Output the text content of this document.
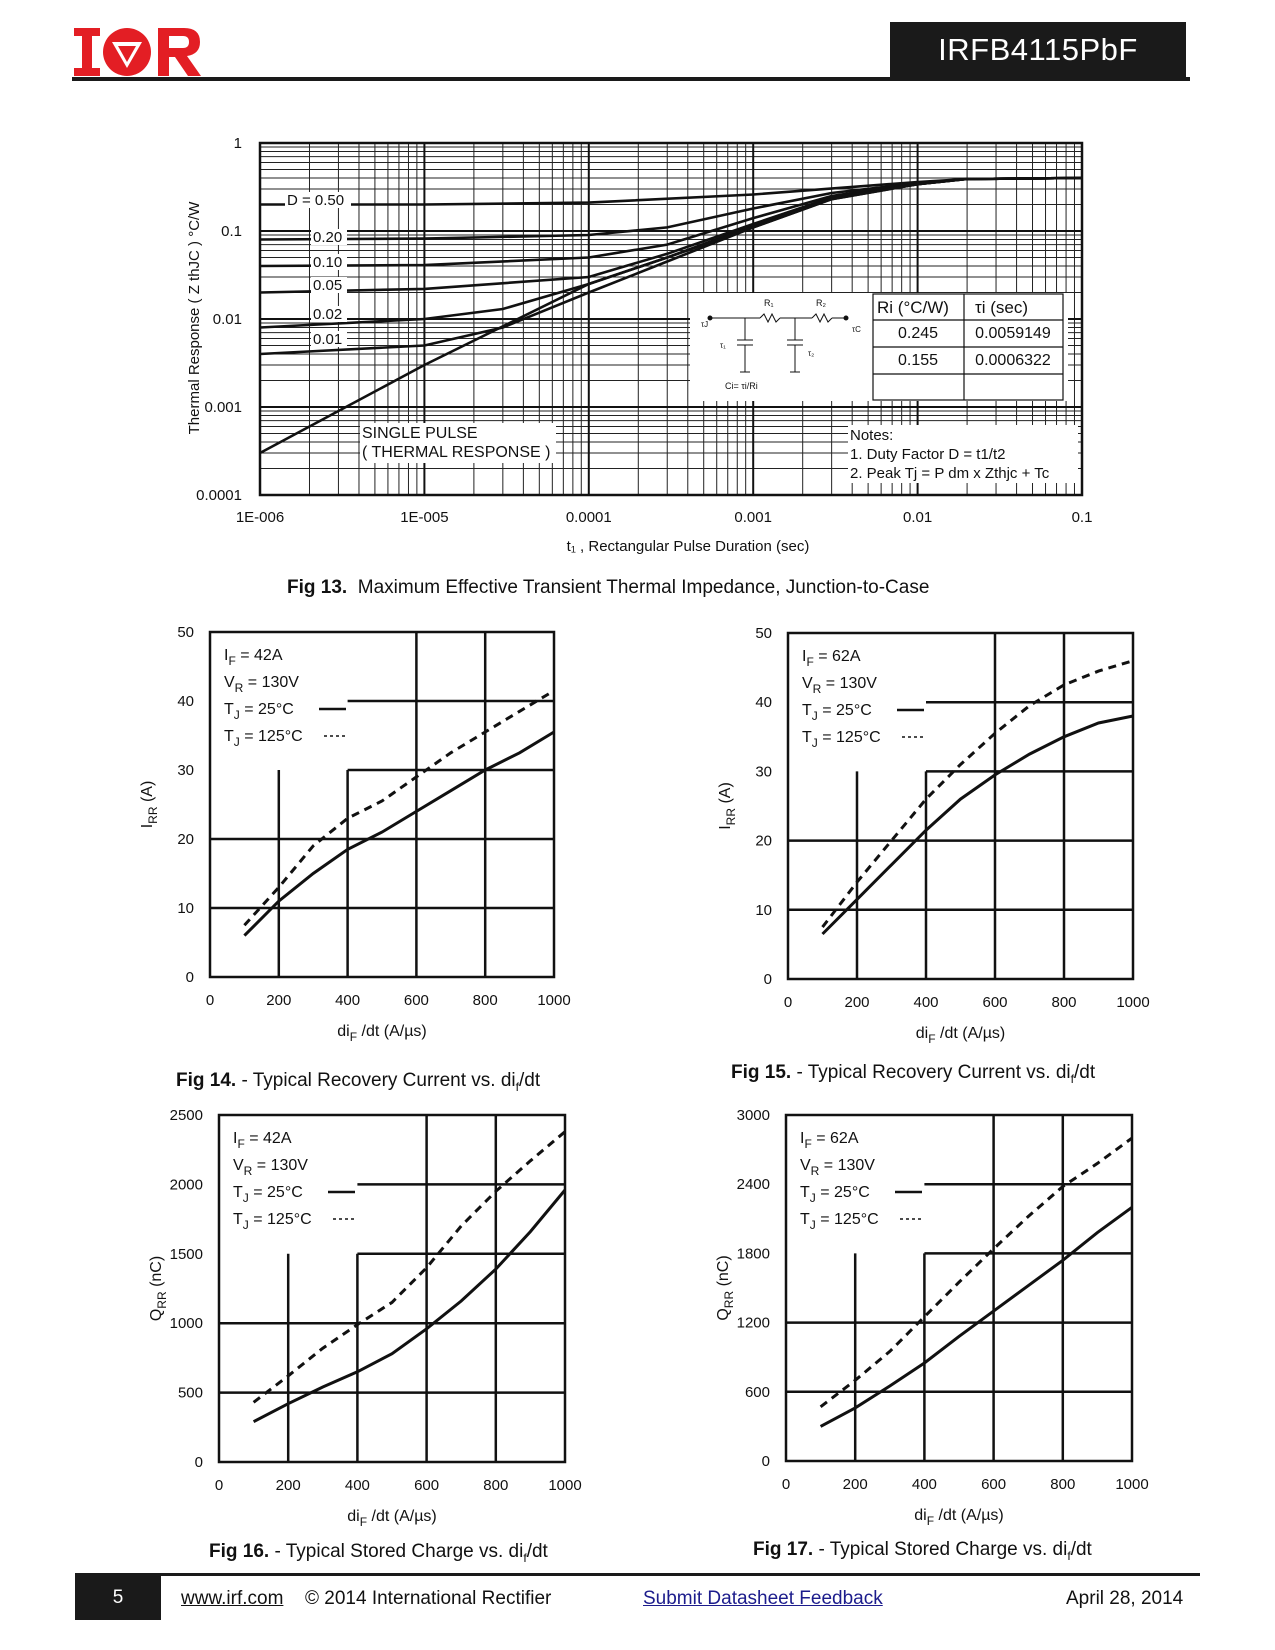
IRFB4115PbF
D = 0.50
0.20
0.10
0.05
0.02
0.01
SINGLE PULSE
( THERMAL RESPONSE )
Notes:
1. Duty Factor D = t1/t2
2. Peak Tj = P dm x Zthjc + Tc
R₁	R₂
τJ
τC
τ₁
τ₂
Ci= τi/Ri
Ri (°C/W) τi (sec)
0.245 0.0059149
0.155 0.0006322
1
0.1
0.01
0.001
0.0001
1E-006	1E-005	0.0001	0.001	0.01	0.1
Thermal Response ( Z thJC ) °C/W
t₁ , Rectangular Pulse Duration (sec)
$I_F = 42A$
$V_R = 130V$
$T_J = 25^\circ C$
$T_J = 125^\circ C$
0	200	400	600	800	1000
0
10
20
30
40
50
$di_F$ /dt (A/µs)
$I_{RR}$ (A)
$I_F = 62A$
$V_R = 130V$
$T_J = 25^\circ C$
$T_J = 125^\circ C$
0	200	400	600	800	1000
0
10
20
30
40
50
$di_F$ /dt (A/µs)
$I_{RR}$ (A)
$I_F = 42A$
$V_R = 130V$
$T_J = 25^\circ C$
$T_J = 125^\circ C$
0	200	400	600	800	1000
0
500
1000
1500
2000
2500
$di_F$ /dt (A/µs)
$Q_{RR}$ (nC)
$I_F = 62A$
$V_R = 130V$
$T_J = 25^\circ C$
$T_J = 125^\circ C$
0	200	400	600	800	1000
0
600
1200
1800
2400
3000
$di_F$ /dt (A/µs)
$Q_{RR}$ (nC)
Fig 13. Maximum Effective Transient Thermal Impedance, Junction-to-Case
Fig 14. - Typical Recovery Current vs. $di_f/dt$	Fig 15. - Typical Recovery Current vs. $di_f/dt$
Fig 16. - Typical Stored Charge vs. $di_f/dt$	Fig 17. - Typical Stored Charge vs. $di_f/dt$
5	www.irf.com © 2014 International Rectifier	Submit Datasheet Feedback	April 28, 2014
